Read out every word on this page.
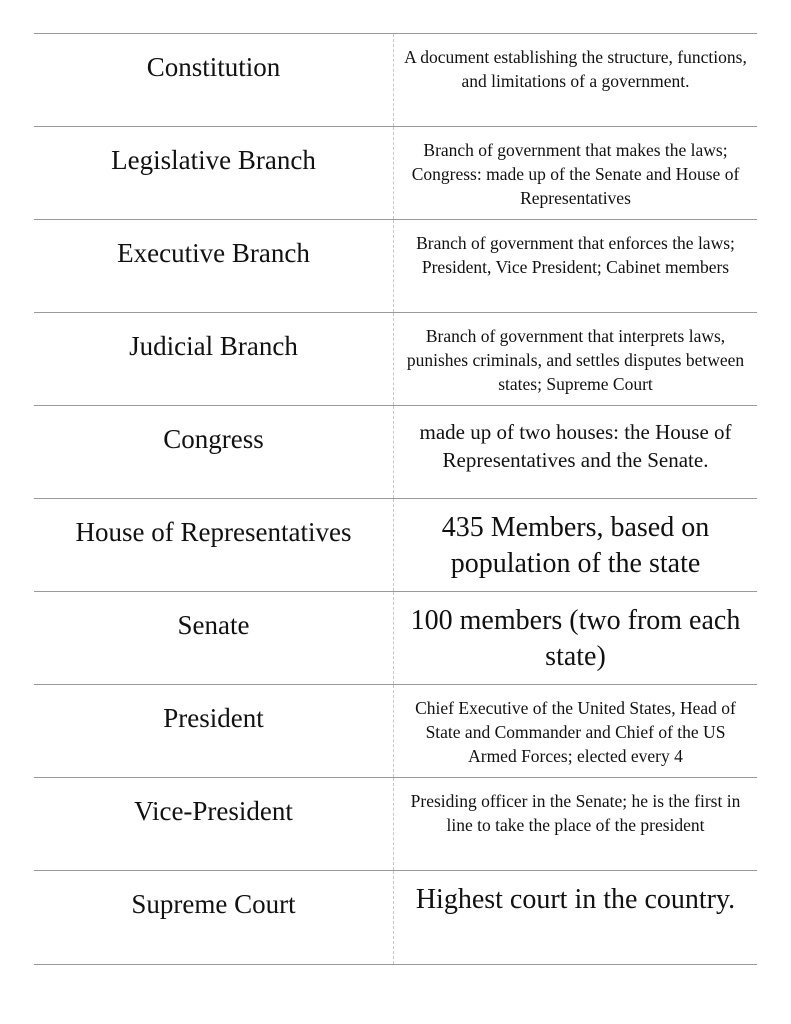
Constitution	A document establishing the structure, functions, and limitations of a government.
Legislative Branch	Branch of government that makes the laws; Congress: made up of the Senate and House of Representatives
Executive Branch	Branch of government that enforces the laws; President, Vice President; Cabinet members
Judicial Branch	Branch of government that interprets laws, punishes criminals, and settles disputes between states; Supreme Court
Congress	made up of two houses: the House of Representatives and the Senate.
House of Representatives	435 Members, based on population of the state
Senate	100 members (two from each state)
President	Chief Executive of the United States, Head of State and Commander and Chief of the US Armed Forces; elected every 4
Vice-President	Presiding officer in the Senate; he is the first in line to take the place of the president
Supreme Court	Highest court in the country.
